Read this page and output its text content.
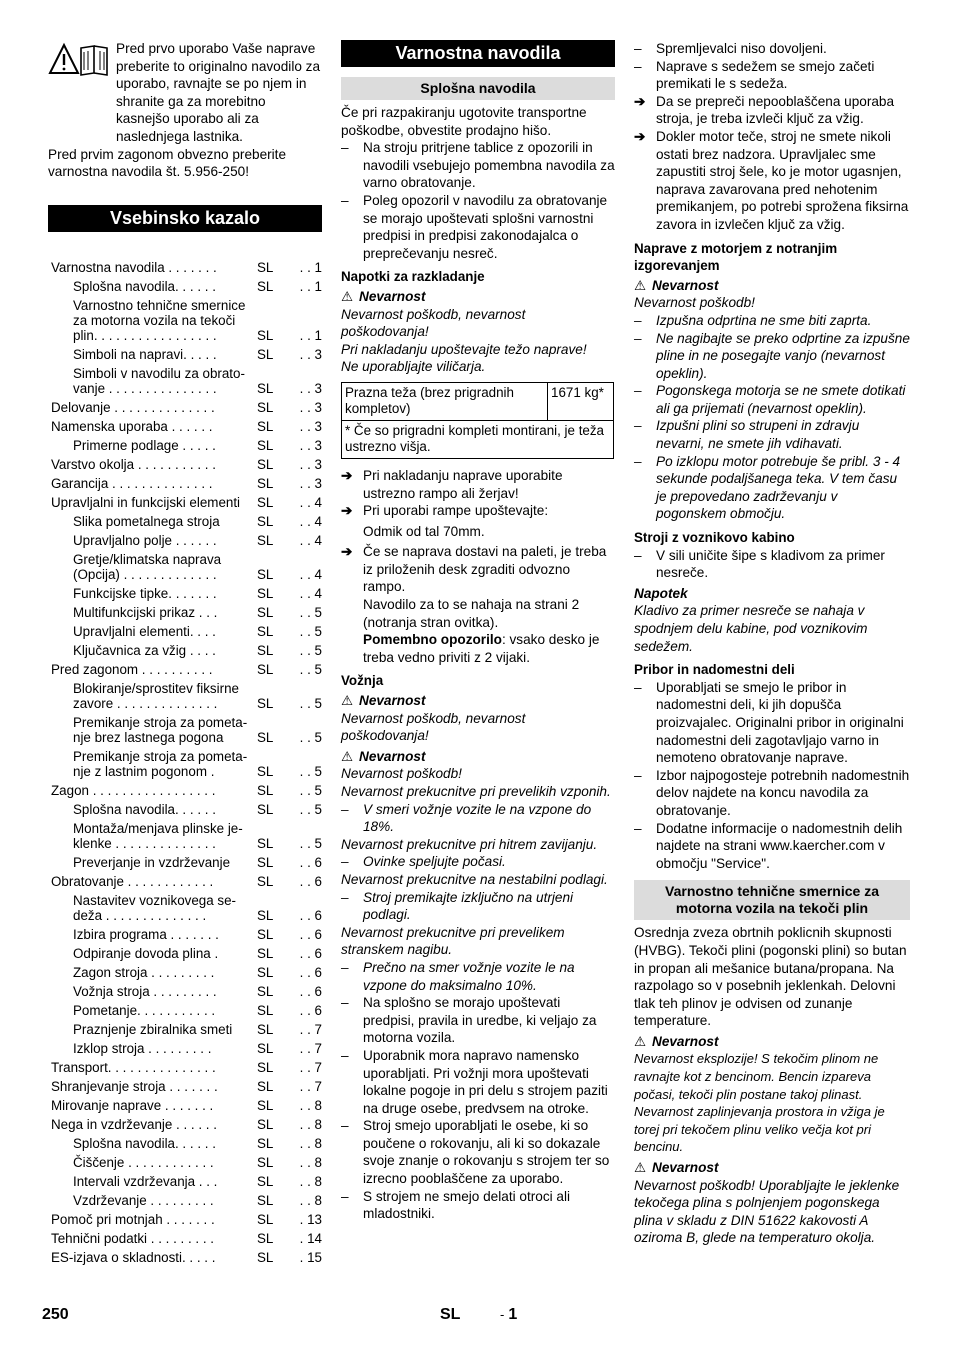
Pred prvo uporabo Vaše naprave preberite to originalno navodilo za uporabo, ravnajte se po njem in shranite ga za morebitno kasnejšo uporabo ali za naslednjega lastnika.

Pred prvim zagonom obvezno preberite varnostna navodila št. 5.956-250!

Vsebinsko kazalo
Varnostna navodila . . . . . . .	SL	. . 1
Splošna navodila. . . . . .	SL	. . 1
Varnostno tehnične smernice
za motorna vozila na tekoči
plin. . . . . . . . . . . . . . . . .	SL	. . 1
Simboli na napravi. . . . .	SL	. . 3
Simboli v navodilu za obrato-
vanje . . . . . . . . . . . . . . .	SL	. . 3
Delovanje . . . . . . . . . . . . . .	SL	. . 3
Namenska uporaba . . . . . .	SL	. . 3
Primerne podlage . . . . .	SL	. . 3
Varstvo okolja . . . . . . . . . . .	SL	. . 3
Garancija . . . . . . . . . . . . . .	SL	. . 3
Upravljalni in funkcijski elementi	SL	. . 4
Slika pometalnega stroja	SL	. . 4
Upravljalno polje . . . . . .	SL	. . 4
Gretje/klimatska naprava
(Opcija) . . . . . . . . . . . . .	SL	. . 4
Funkcijske tipke. . . . . . .	SL	. . 4
Multifunkcijski prikaz . . .	SL	. . 5
Upravljalni elementi. . . .	SL	. . 5
Ključavnica za vžig . . . .	SL	. . 5
Pred zagonom . . . . . . . . . .	SL	. . 5
Blokiranje/sprostitev fiksirne
zavore . . . . . . . . . . . . . .	SL	. . 5
Premikanje stroja za pometa-
nje brez lastnega pogona	SL	. . 5
Premikanje stroja za pometa-
nje z lastnim pogonom .	SL	. . 5
Zagon . . . . . . . . . . . . . . . . .	SL	. . 5
Splošna navodila. . . . . .	SL	. . 5
Montaža/menjava plinske je-
klenke . . . . . . . . . . . . . .	SL	. . 5
Preverjanje in vzdrževanje	SL	. . 6
Obratovanje . . . . . . . . . . . .	SL	. . 6
Nastavitev voznikovega se-
deža . . . . . . . . . . . . . .	SL	. . 6
Izbira programa . . . . . . .	SL	. . 6
Odpiranje dovoda plina .	SL	. . 6
Zagon stroja . . . . . . . . .	SL	. . 6
Vožnja stroja . . . . . . . . .	SL	. . 6
Pometanje. . . . . . . . . . .	SL	. . 6
Praznjenje zbiralnika smeti	SL	. . 7
Izklop stroja . . . . . . . . .	SL	. . 7
Transport. . . . . . . . . . . . . . .	SL	. . 7
Shranjevanje stroja . . . . . . .	SL	. . 7
Mirovanje naprave . . . . . . .	SL	. . 8
Nega in vzdrževanje . . . . . .	SL	. . 8
Splošna navodila. . . . . .	SL	. . 8
Čiščenje . . . . . . . . . . . .	SL	. . 8
Intervali vzdrževanja . . .	SL	. . 8
Vzdrževanje . . . . . . . . .	SL	. . 8
Pomoč pri motnjah . . . . . . .	SL	. 13
Tehnični podatki . . . . . . . . .	SL	. 14
ES-izjava o skladnosti. . . . .	SL	. 15
Varnostna navodila
Splošna navodila

Če pri razpakiranju ugotovite transportne poškodbe, obvestite prodajno hišo.

– Na stroju pritrjene tablice z opozorili in navodili vsebujejo pomembna navodila za varno obratovanje.

– Poleg opozoril v navodilu za obratovanje se morajo upoštevati splošni varnostni predpisi in predpisi zakonodajalca o preprečevanju nesreč.

Napotki za razkladanje

⚠ Nevarnost

Nevarnost poškodb, nevarnost poškodovanja!

Pri nakladanju upoštevajte težo naprave!
Ne uporabljajte viličarja.

Prazna teža (brez prigradnih kompletov)	1671 kg*
* Če so prigradni kompleti montirani, je teža ustrezno višja.

➔ Pri nakladanju naprave uporabite ustrezno rampo ali žerjav!

➔ Pri uporabi rampe upoštevajte:

Odmik od tal 70mm.

➔ Če se naprava dostavi na paleti, je treba iz priloženih desk zgraditi odvozno rampo.

Navodilo za to se nahaja na strani 2 (notranja stran ovitka).

Pomembno opozorilo: vsako desko je treba vedno priviti z 2 vijaki.

Vožnja

⚠ Nevarnost

Nevarnost poškodb, nevarnost poškodovanja!

⚠ Nevarnost

Nevarnost poškodb!

Nevarnost prekucnitve pri prevelikih vzponih.

– V smeri vožnje vozite le na vzpone do 18%.

Nevarnost prekucnitve pri hitrem zavijanju.

– Ovinke speljujte počasi.

Nevarnost prekucnitve na nestabilni podlagi.

– Stroj premikajte izključno na utrjeni podlagi.

Nevarnost prekucnitve pri prevelikem stranskem nagibu.

– Prečno na smer vožnje vozite le na vzpone do maksimalno 10%.

– Na splošno se morajo upoštevati predpisi, pravila in uredbe, ki veljajo za motorna vozila.

– Uporabnik mora napravo namensko uporabljati. Pri vožnji mora upoštevati lokalne pogoje in pri delu s strojem paziti na druge osebe, predvsem na otroke.

– Stroj smejo uporabljati le osebe, ki so poučene o rokovanju, ali ki so dokazale svoje znanje o rokovanju s strojem ter so izrecno pooblaščene za uporabo.

– S strojem ne smejo delati otroci ali mladostniki.

– Spremljevalci niso dovoljeni.

– Naprave s sedežem se smejo začeti premikati le s sedeža.

➔ Da se prepreči nepooblaščena uporaba stroja, je treba izvleči ključ za vžig.

➔ Dokler motor teče, stroj ne smete nikoli ostati brez nadzora. Upravljalec sme zapustiti stroj šele, ko je motor ugasnjen, naprava zavarovana pred nehotenim premikanjem, po potrebi sprožena fiksirna zavora in izvlečen ključ za vžig.

Naprave z motorjem z notranjim izgorevanjem

⚠ Nevarnost

Nevarnost poškodb!

– Izpušna odprtina ne sme biti zaprta.

– Ne nagibajte se preko odprtine za izpušne pline in ne posegajte vanjo (nevarnost opeklin).

– Pogonskega motorja se ne smete dotikati ali ga prijemati (nevarnost opeklin).

– Izpušni plini so strupeni in zdravju nevarni, ne smete jih vdihavati.

– Po izklopu motor potrebuje še pribl. 3 - 4 sekunde podaljšanega teka. V tem času je prepovedano zadrževanju v pogonskem območju.

Stroji z voznikovo kabino

– V sili uničite šipe s kladivom za primer nesreče.

Napotek

Kladivo za primer nesreče se nahaja v spodnjem delu kabine, pod voznikovim sedežem.

Pribor in nadomestni deli

– Uporabljati se smejo le pribor in nadomestni deli, ki jih dopušča proizvajalec. Originalni pribor in originalni nadomestni deli zagotavljajo varno in nemoteno obratovanje naprave.

– Izbor najpogosteje potrebnih nadomestnih delov najdete na koncu navodila za obratovanje.

– Dodatne informacije o nadomestnih delih najdete na strani www.kaercher.com v območju "Service".

Varnostno tehnične smernice za motorna vozila na tekoči plin

Osrednja zveza obrtnih poklicnih skupnosti (HVBG). Tekoči plini (pogonski plini) so butan in propan ali mešanice butana/propana. Na razpolago so v posebnih jeklenkah. Delovni tlak teh plinov je odvisen od zunanje temperature.

⚠ Nevarnost

Nevarnost eksplozije! S tekočim plinom ne ravnajte kot z bencinom. Bencin izpareva počasi, tekoči plin postane takoj plinast. Nevarnost zaplinjevanja prostora in vžiga je torej pri tekočem plinu veliko večja kot pri bencinu.

⚠ Nevarnost

Nevarnost poškodb! Uporabljajte le jeklenke tekočega plina s polnjenjem pogonskega plina v skladu z DIN 51622 kakovosti A oziroma B, glede na temperaturo okolja.

250	SL	- 1
